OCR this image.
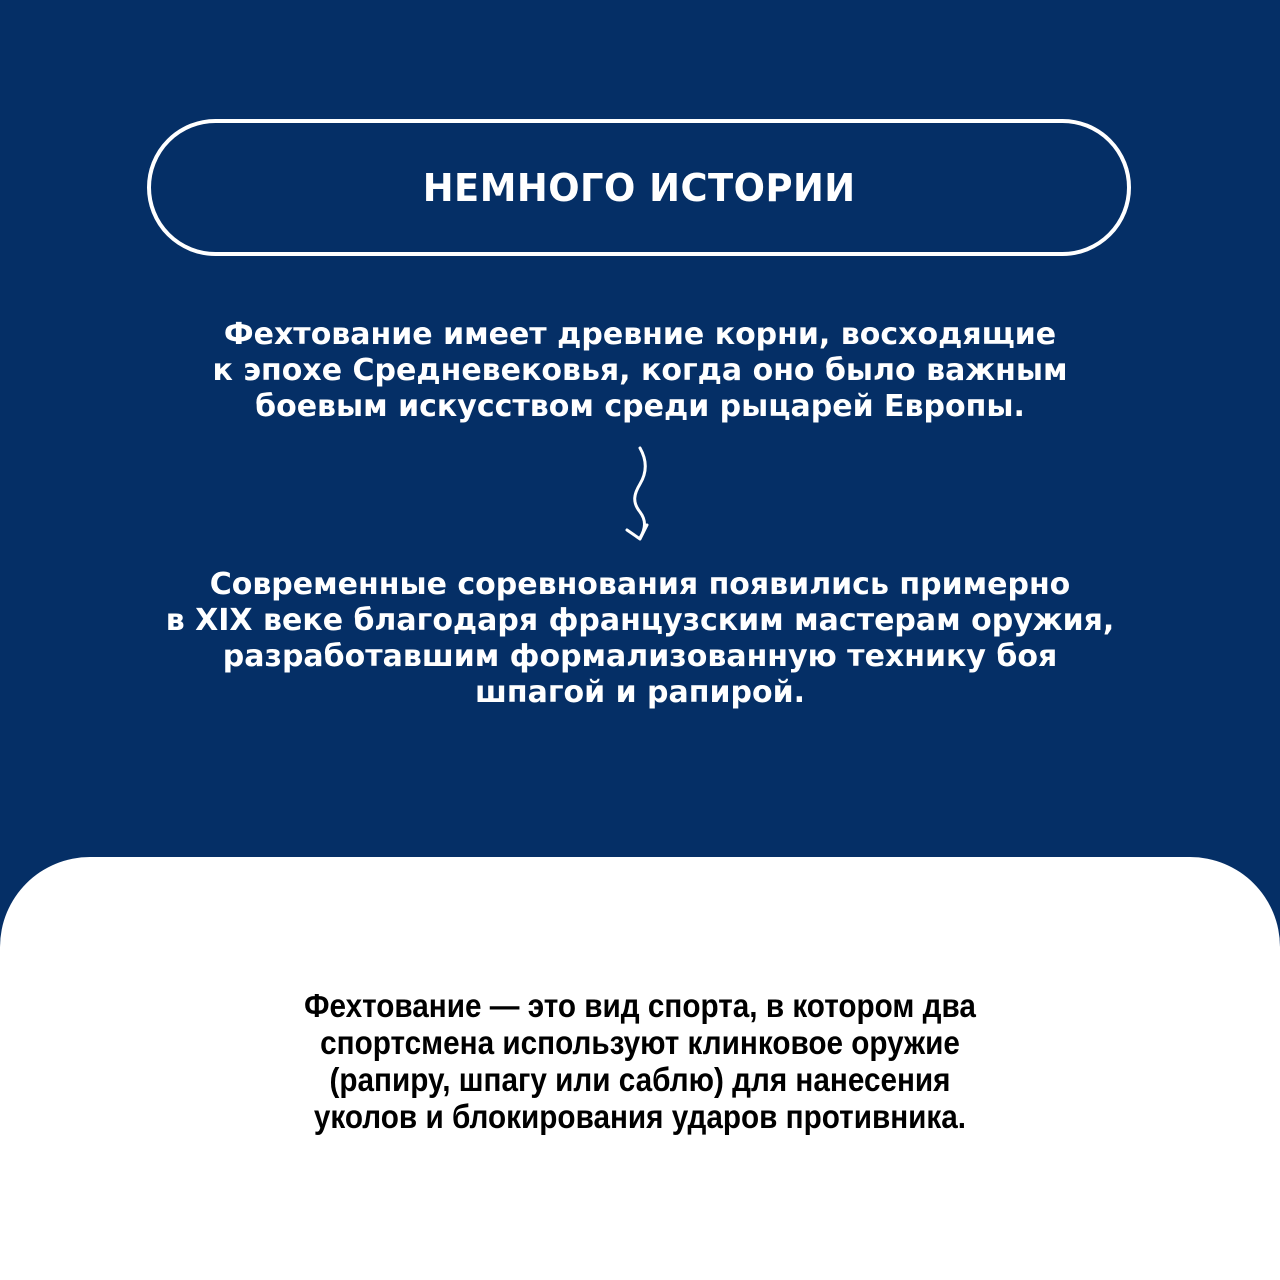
НЕМНОГО ИСТОРИИ
Фехтование имеет древние корни, восходящие
к эпохе Средневековья, когда оно было важным
боевым искусством среди рыцарей Европы.
Современные соревнования появились примерно
в XIX веке благодаря французским мастерам оружия,
разработавшим формализованную технику боя
шпагой и рапирой.
Фехтование — это вид спорта, в котором два
спортсмена используют клинковое оружие
(рапиру, шпагу или саблю) для нанесения
уколов и блокирования ударов противника.
